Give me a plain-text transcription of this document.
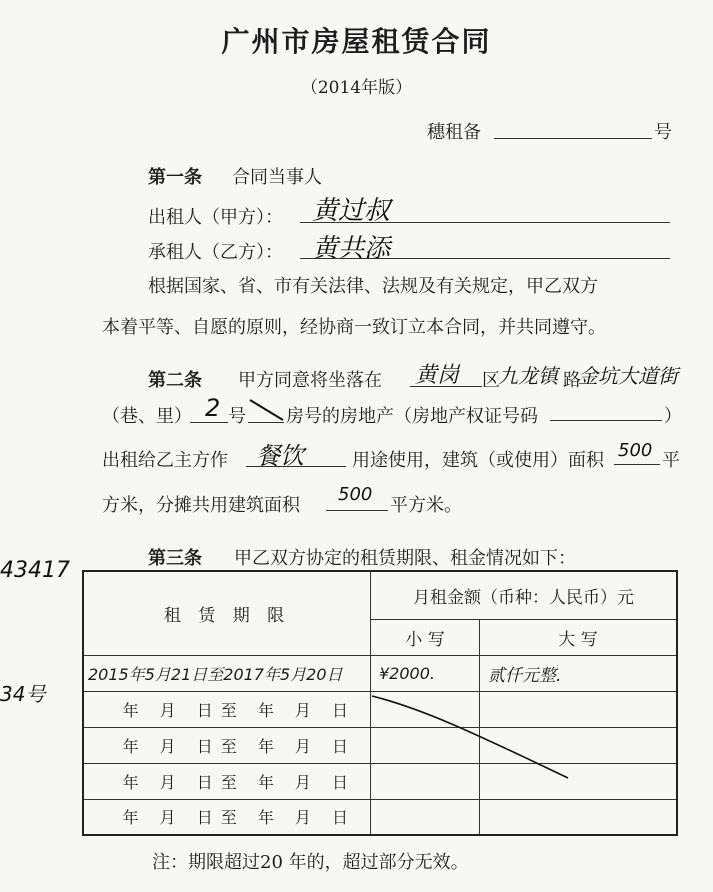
广州市房屋租赁合同
（2014年版）
穗租备	号
43417
34号
第一条 合同当事人
出租人（甲方）： 黄过叔
承租人（乙方）： 黄共添
根据国家、省、市有关法律、法规及有关规定，甲乙双方
本着平等、自愿的原则，经协商一致订立本合同，并共同遵守。
第二条 甲方同意将坐落在 黄岗 区
九龙镇 路
金坑大道街
（巷、里） 2 号 房号的房地产（房地产权证号码	）
出租给乙主方作 餐饮	用途使用，建筑（或使用）面积 500 平
方米，分摊共用建筑面积
500
平方米。
第三条 甲乙双方协定的租赁期限、租金情况如下：
租 赁 期 限	月租金额（币种：人民币）元	
	小 写	大 写
2015年5月21日至2017年5月20日	¥2000.	贰仟元整.
年 月 日至 年 月 日		
年 月 日至 年 月 日		
年 月 日至 年 月 日		
年 月 日至 年 月 日		
注：期限超过20 年的，超过部分无效。
